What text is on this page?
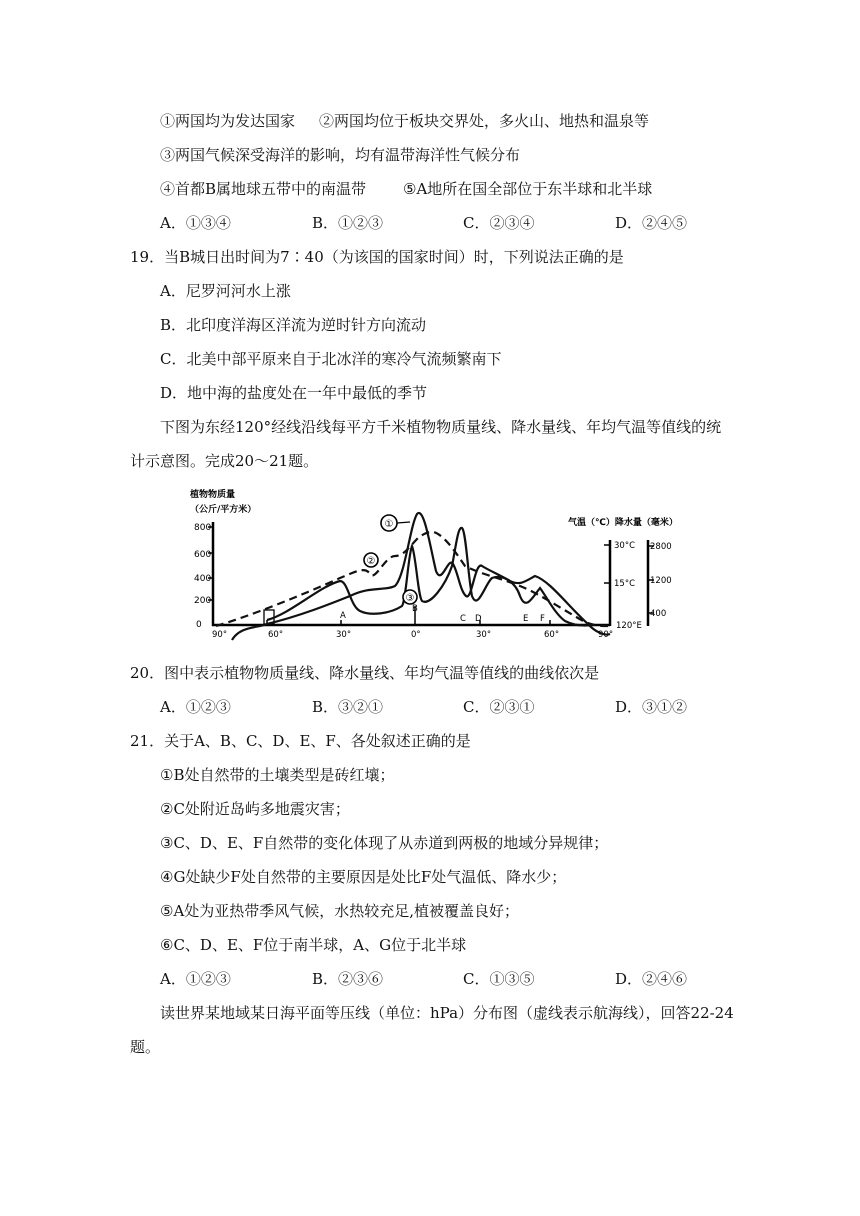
①两国均为发达国家 ②两国均位于板块交界处，多火山、地热和温泉等
③两国气候深受海洋的影响，均有温带海洋性气候分布
④首都B属地球五带中的南温带 ⑤A地所在国全部位于东半球和北半球
A．①③④	B．①②③	C．②③④	D．②④⑤
19．当B城日出时间为7∶40（为该国的国家时间）时，下列说法正确的是
A．尼罗河河水上涨
B．北印度洋海区洋流为逆时针方向流动
C．北美中部平原来自于北冰洋的寒冷气流频繁南下
D．地中海的盐度处在一年中最低的季节
下图为东经120°经线沿线每平方千米植物物质量线、降水量线、年均气温等值线的统
计示意图。完成20～21题。
植物物质量
（公斤/平方米）
800
600
400
200
0
气温（℃）降水量（毫米）
30°C
15°C
120°E
2800
1200
400
90°	60°	30°	0°	30°	60°	90°
A
B
C D	E F
①
②
③
20．图中表示植物物质量线、降水量线、年均气温等值线的曲线依次是
A．①②③	B．③②①	C．②③①	D．③①②
21．关于A、B、C、D、E、F、各处叙述正确的是
①B处自然带的土壤类型是砖红壤；
②C处附近岛屿多地震灾害；
③C、D、E、F自然带的变化体现了从赤道到两极的地域分异规律；
④G处缺少F处自然带的主要原因是处比F处气温低、降水少；
⑤A处为亚热带季风气候，水热较充足,植被覆盖良好；
⑥C、D、E、F位于南半球，A、G位于北半球
A．①②③	B．②③⑥	C．①③⑤	D．②④⑥
读世界某地域某日海平面等压线（单位：hPa）分布图（虚线表示航海线），回答22-24
题。
